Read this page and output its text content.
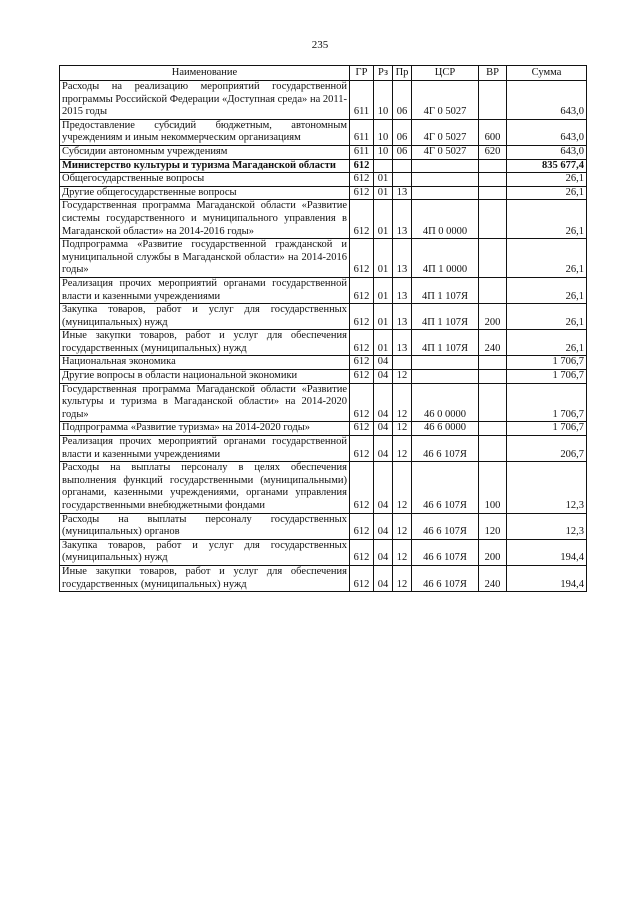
235
Наименование	ГР	Рз	Пр	ЦСР	ВР	Сумма
Расходы на реализацию мероприятий государственной программы Российской Федерации «Доступная среда» на 2011-2015 годы	611	10	06	4Г 0 5027		643,0
Предоставление субсидий бюджетным, автономным учреждениям и иным некоммерческим организациям	611	10	06	4Г 0 5027	600	643,0
Субсидии автономным учреждениям	611	10	06	4Г 0 5027	620	643,0
Министерство культуры и туризма Магаданской области	612					835 677,4
Общегосударственные вопросы	612	01				26,1
Другие общегосударственные вопросы	612	01	13			26,1
Государственная программа Магаданской области «Развитие системы государственного и муниципального управления в Магаданской области» на 2014-2016 годы»	612	01	13	4П 0 0000		26,1
Подпрограмма «Развитие государственной гражданской и муниципальной службы в Магаданской области» на 2014-2016 годы»	612	01	13	4П 1 0000		26,1
Реализация прочих мероприятий органами государственной власти и казенными учреждениями	612	01	13	4П 1 107Я		26,1
Закупка товаров, работ и услуг для государственных (муниципальных) нужд	612	01	13	4П 1 107Я	200	26,1
Иные закупки товаров, работ и услуг для обеспечения государственных (муниципальных) нужд	612	01	13	4П 1 107Я	240	26,1
Национальная экономика	612	04				1 706,7
Другие вопросы в области национальной экономики	612	04	12			1 706,7
Государственная программа Магаданской области «Развитие культуры и туризма в Магаданской области» на 2014-2020 годы»	612	04	12	46 0 0000		1 706,7
Подпрограмма «Развитие туризма» на 2014-2020 годы»	612	04	12	46 6 0000		1 706,7
Реализация прочих мероприятий органами государственной власти и казенными учреждениями	612	04	12	46 6 107Я		206,7
Расходы на выплаты персоналу в целях обеспечения выполнения функций государственными (муниципальными) органами, казенными учреждениями, органами управления государственными внебюджетными фондами	612	04	12	46 6 107Я	100	12,3
Расходы на выплаты персоналу государственных (муниципальных) органов	612	04	12	46 6 107Я	120	12,3
Закупка товаров, работ и услуг для государственных (муниципальных) нужд	612	04	12	46 6 107Я	200	194,4
Иные закупки товаров, работ и услуг для обеспечения государственных (муниципальных) нужд	612	04	12	46 6 107Я	240	194,4
